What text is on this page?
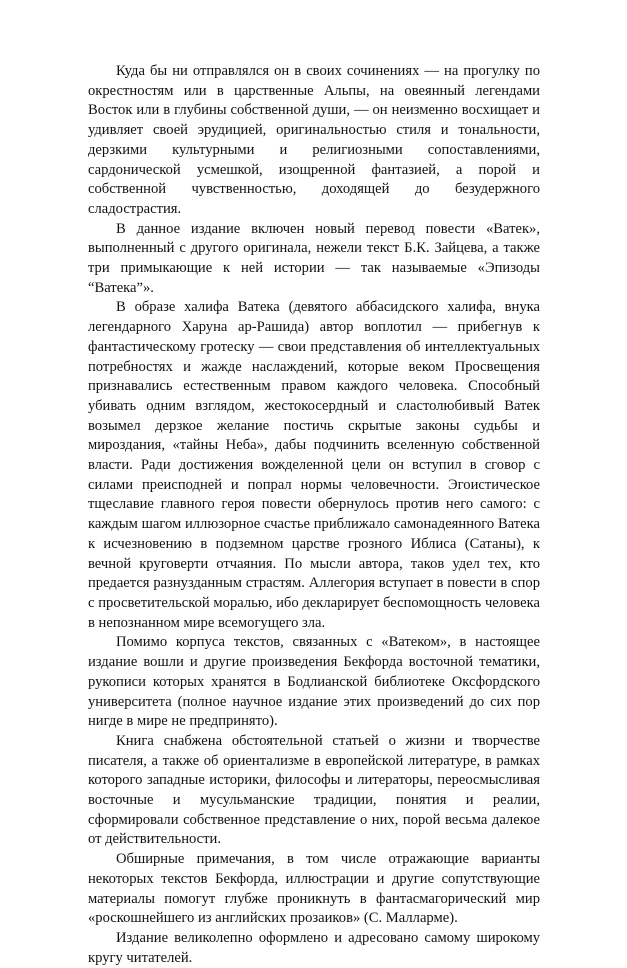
Куда бы ни отправлялся он в своих сочинениях — на прогулку по окрестностям или в царственные Альпы, на овеянный легендами Восток или в глубины собственной души, — он неизменно восхищает и удивляет своей эрудицией, оригинальностью стиля и тональности, дерзкими культурными и религиозными сопоставлениями, сардонической усмешкой, изощренной фантазией, а порой и собственной чувственностью, доходящей до безудержного сладострастия.

В данное издание включен новый перевод повести «Ватек», выполненный с другого оригинала, нежели текст Б.К. Зайцева, а также три примыкающие к ней истории — так называемые «Эпизоды “Ватека”».

В образе халифа Ватека (девятого аббасидского халифа, внука легендарного Харуна ар-Рашида) автор воплотил — прибегнув к фантастическому гротеску — свои представления об интеллектуальных потребностях и жажде наслаждений, которые веком Просвещения признавались естественным правом каждого человека. Способный убивать одним взглядом, жестокосердный и сластолюбивый Ватек возымел дерзкое желание постичь скрытые законы судьбы и мироздания, «тайны Неба», дабы подчинить вселенную собственной власти. Ради достижения вожделенной цели он вступил в сговор с силами преисподней и попрал нормы человечности. Эгоистическое тщеславие главного героя повести обернулось против него самого: с каждым шагом иллюзорное счастье приближало самонадеянного Ватека к исчезновению в подземном царстве грозного Иблиса (Сатаны), к вечной круговерти отчаяния. По мысли автора, таков удел тех, кто предается разнузданным страстям. Аллегория вступает в повести в спор с просветительской моралью, ибо декларирует беспомощность человека в непознанном мире всемогущего зла.

Помимо корпуса текстов, связанных с «Ватеком», в настоящее издание вошли и другие произведения Бекфорда восточной тематики, рукописи которых хранятся в Бодлианской библиотеке Оксфордского университета (полное научное издание этих произведений до сих пор нигде в мире не предпринято).

Книга снабжена обстоятельной статьей о жизни и творчестве писателя, а также об ориентализме в европейской литературе, в рамках которого западные историки, философы и литераторы, переосмысливая восточные и мусульманские традиции, понятия и реалии, сформировали собственное представление о них, порой весьма далекое от действительности.

Обширные примечания, в том числе отражающие варианты некоторых текстов Бекфорда, иллюстрации и другие сопутствующие материалы помогут глубже проникнуть в фантасмагорический мир «роскошнейшего из английских прозаиков» (С. Малларме).

Издание великолепно оформлено и адресовано самому широкому кругу читателей.
